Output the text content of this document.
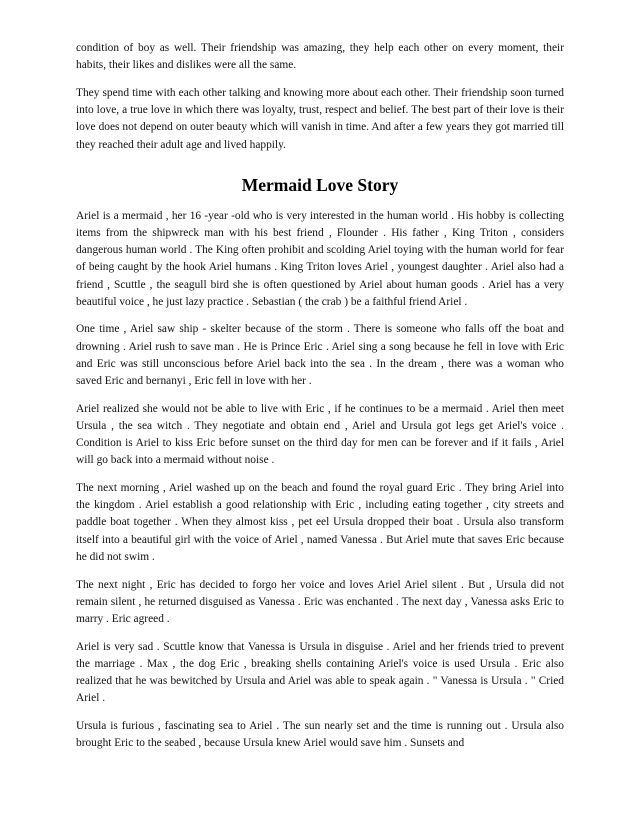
condition of boy as well. Their friendship was amazing, they help each other on every moment, their habits, their likes and dislikes were all the same.

They spend time with each other talking and knowing more about each other. Their friendship soon turned into love, a true love in which there was loyalty, trust, respect and belief. The best part of their love is their love does not depend on outer beauty which will vanish in time. And after a few years they got married till they reached their adult age and lived happily.

Mermaid Love Story

Ariel is a mermaid , her 16 -year -old who is very interested in the human world . His hobby is collecting items from the shipwreck man with his best friend , Flounder . His father , King Triton , considers dangerous human world . The King often prohibit and scolding Ariel toying with the human world for fear of being caught by the hook Ariel humans . King Triton loves Ariel , youngest daughter . Ariel also had a friend , Scuttle , the seagull bird she is often questioned by Ariel about human goods . Ariel has a very beautiful voice , he just lazy practice . Sebastian ( the crab ) be a faithful friend Ariel .

One time , Ariel saw ship - skelter because of the storm . There is someone who falls off the boat and drowning . Ariel rush to save man . He is Prince Eric . Ariel sing a song because he fell in love with Eric and Eric was still unconscious before Ariel back into the sea . In the dream , there was a woman who saved Eric and bernanyi , Eric fell in love with her .

Ariel realized she would not be able to live with Eric , if he continues to be a mermaid . Ariel then meet Ursula , the sea witch . They negotiate and obtain end , Ariel and Ursula got legs get Ariel's voice . Condition is Ariel to kiss Eric before sunset on the third day for men can be forever and if it fails , Ariel will go back into a mermaid without noise .

The next morning , Ariel washed up on the beach and found the royal guard Eric . They bring Ariel into the kingdom . Ariel establish a good relationship with Eric , including eating together , city streets and paddle boat together . When they almost kiss , pet eel Ursula dropped their boat . Ursula also transform itself into a beautiful girl with the voice of Ariel , named Vanessa . But Ariel mute that saves Eric because he did not swim .

The next night , Eric has decided to forgo her voice and loves Ariel Ariel silent . But , Ursula did not remain silent , he returned disguised as Vanessa . Eric was enchanted . The next day , Vanessa asks Eric to marry . Eric agreed .

Ariel is very sad . Scuttle know that Vanessa is Ursula in disguise . Ariel and her friends tried to prevent the marriage . Max , the dog Eric , breaking shells containing Ariel's voice is used Ursula . Eric also realized that he was bewitched by Ursula and Ariel was able to speak again . " Vanessa is Ursula . " Cried Ariel .

Ursula is furious , fascinating sea to Ariel . The sun nearly set and the time is running out . Ursula also brought Eric to the seabed , because Ursula knew Ariel would save him . Sunsets and
